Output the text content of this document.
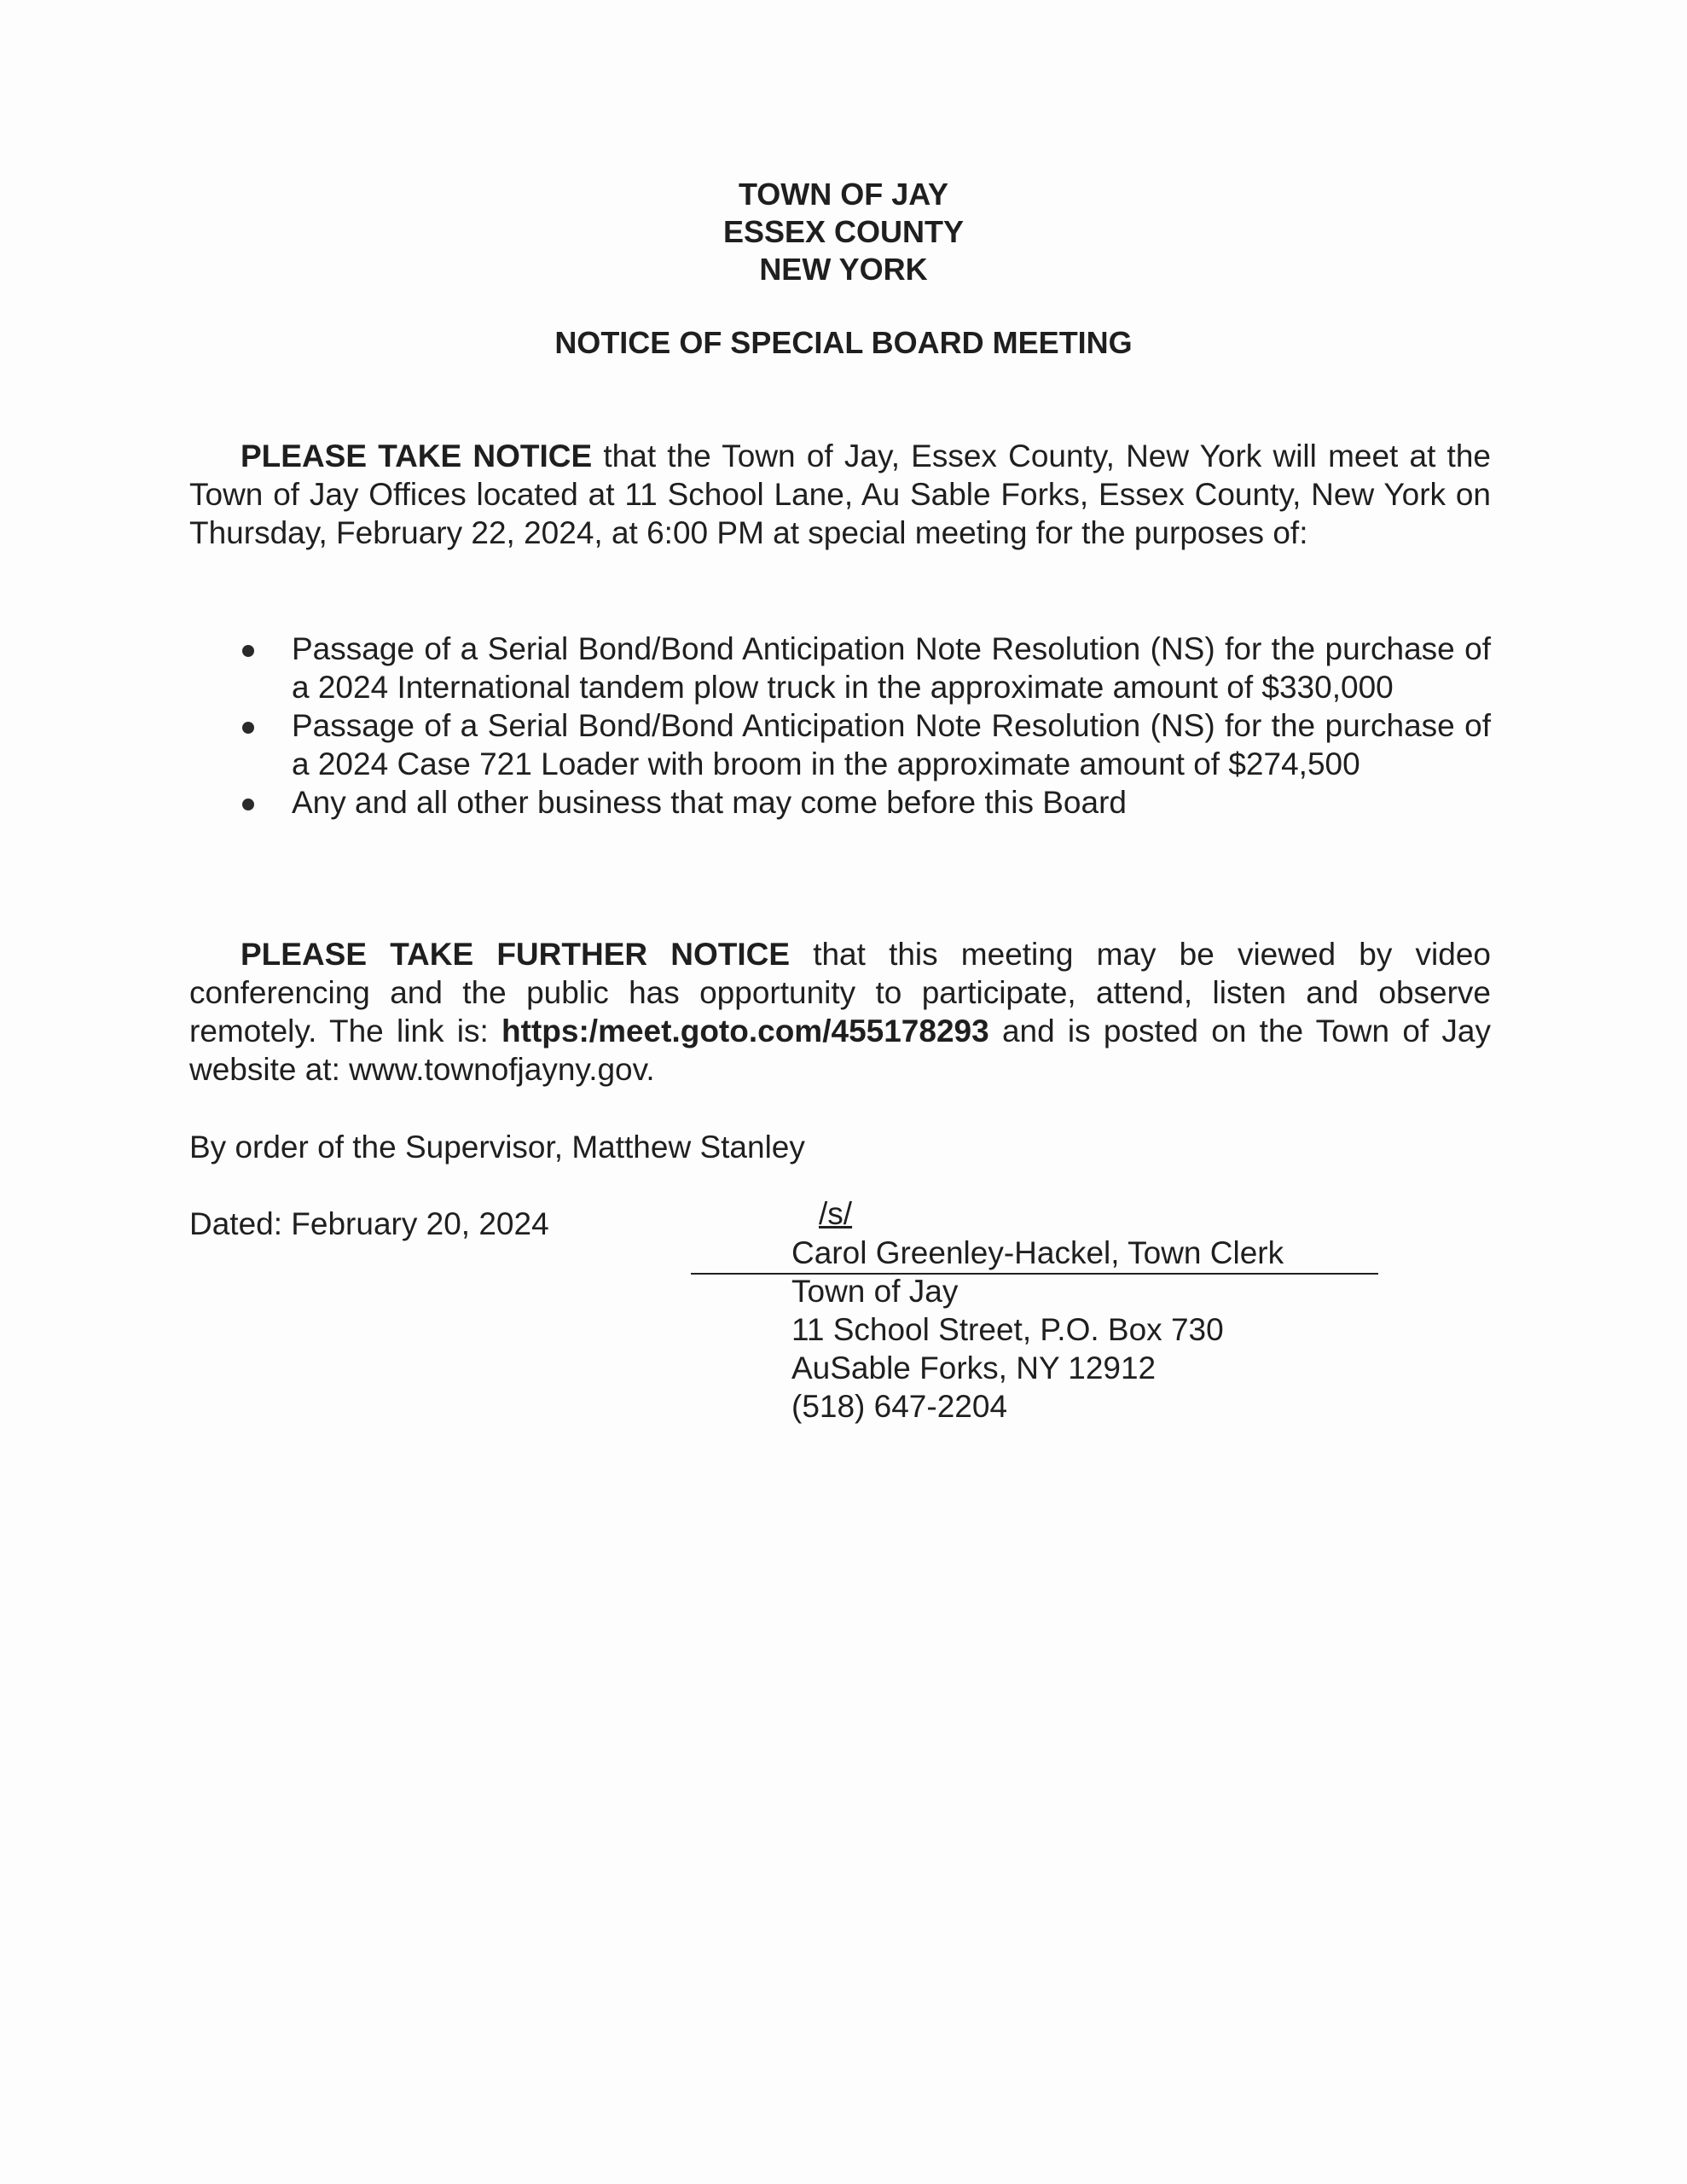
TOWN OF JAY
ESSEX COUNTY
NEW YORK
NOTICE OF SPECIAL BOARD MEETING
PLEASE TAKE NOTICE that the Town of Jay, Essex County, New York will meet at the Town of Jay Offices located at 11 School Lane, Au Sable Forks, Essex County, New York on Thursday, February 22, 2024, at 6:00 PM at special meeting for the purposes of:
Passage of a Serial Bond/Bond Anticipation Note Resolution (NS) for the purchase of a 2024 International tandem plow truck in the approximate amount of $330,000
Passage of a Serial Bond/Bond Anticipation Note Resolution (NS) for the purchase of a 2024 Case 721 Loader with broom in the approximate amount of $274,500
Any and all other business that may come before this Board
PLEASE TAKE FURTHER NOTICE that this meeting may be viewed by video conferencing and the public has opportunity to participate, attend, listen and observe remotely. The link is: https:/meet.goto.com/455178293 and is posted on the Town of Jay website at: www.townofjayny.gov.
By order of the Supervisor, Matthew Stanley
Dated: February 20, 2024	/s/
Carol Greenley-Hackel, Town Clerk
Town of Jay
11 School Street, P.O. Box 730
AuSable Forks, NY 12912
(518) 647-2204
